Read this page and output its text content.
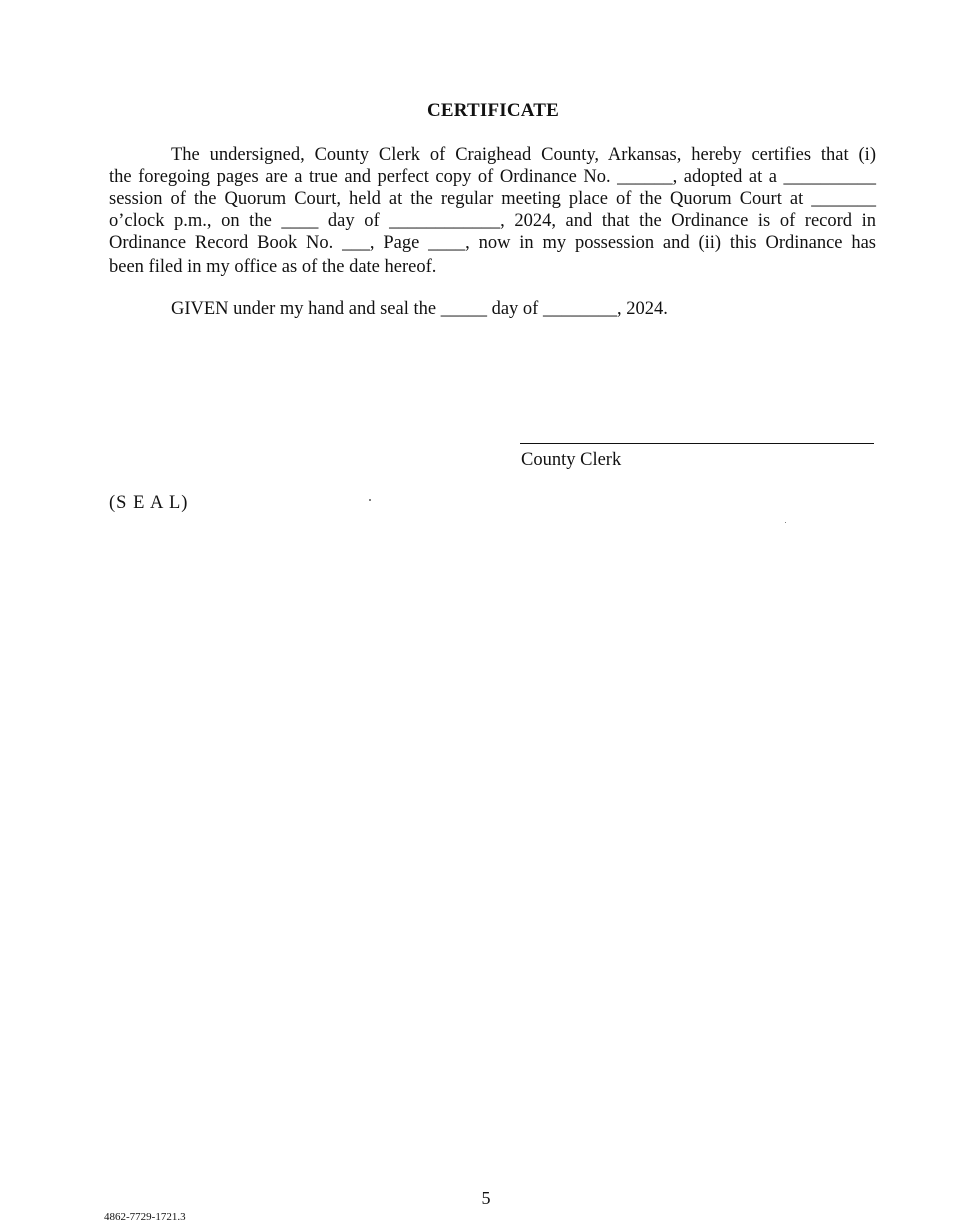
CERTIFICATE
The undersigned, County Clerk of Craighead County, Arkansas, hereby certifies that (i)
the foregoing pages are a true and perfect copy of Ordinance No. ______, adopted at a __________
session of the Quorum Court, held at the regular meeting place of the Quorum Court at _______
o’clock p.m., on the ____ day of ____________, 2024, and that the Ordinance is of record in
Ordinance Record Book No. ___, Page ____, now in my possession and (ii) this Ordinance has
been filed in my office as of the date hereof.
GIVEN under my hand and seal the _____ day of ________, 2024.
County Clerk
(S E A L)
5
4862-7729-1721.3
